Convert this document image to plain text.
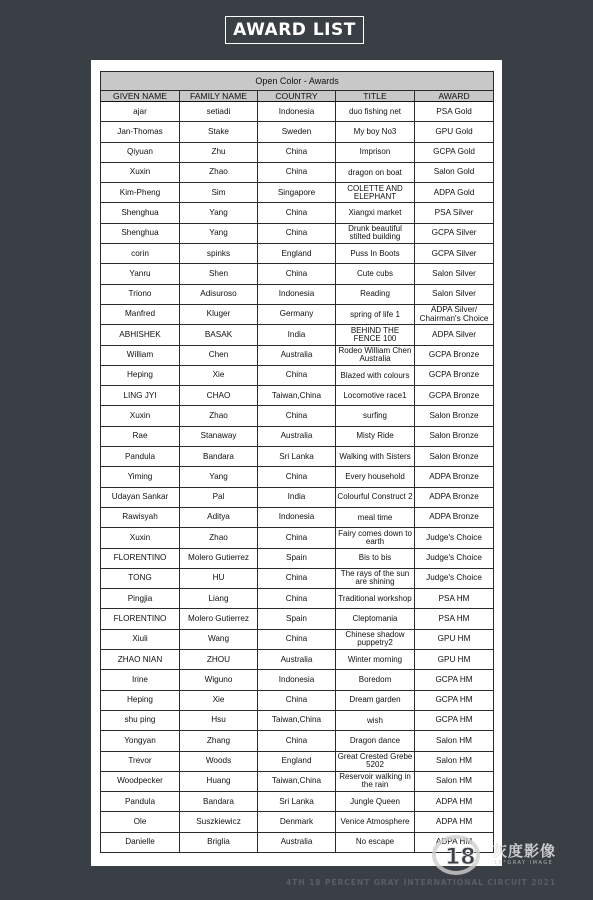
AWARD LIST
Open Color - Awards				
GIVEN NAME	FAMILY NAME	COUNTRY	TITLE	AWARD
ajar	setiadi	Indonesia	duo fishing net	PSA Gold
Jan-Thomas	Stake	Sweden	My boy No3	GPU Gold
Qiyuan	Zhu	China	Imprison	GCPA Gold
Xuxin	Zhao	China	dragon on boat	Salon Gold
Kim-Pheng	Sim	Singapore	COLETTE AND ELEPHANT	ADPA Gold
Shenghua	Yang	China	Xiangxi market	PSA Silver
Shenghua	Yang	China	Drunk beautiful stilted building	GCPA Silver
corin	spinks	England	Puss In Boots	GCPA Silver
Yanru	Shen	China	Cute cubs	Salon Silver
Triono	Adisuroso	Indonesia	Reading	Salon Silver
Manfred	Kluger	Germany	spring of life 1	ADPA Silver/ Chairman's Choice
ABHISHEK	BASAK	India	BEHIND THE FENCE 100	ADPA Silver
William	Chen	Australia	Rodeo William Chen Australia	GCPA Bronze
Heping	Xie	China	Blazed with colours	GCPA Bronze
LING JYI	CHAO	Taiwan,China	Locomotive race1	GCPA Bronze
Xuxin	Zhao	China	surfing	Salon Bronze
Rae	Stanaway	Australia	Misty Ride	Salon Bronze
Pandula	Bandara	Sri Lanka	Walking with Sisters	Salon Bronze
Yiming	Yang	China	Every household	ADPA Bronze
Udayan Sankar	Pal	India	Colourful Construct 2	ADPA Bronze
Rawisyah	Aditya	Indonesia	meal time	ADPA Bronze
Xuxin	Zhao	China	Fairy comes down to earth	Judge's Choice
FLORENTINO	Molero Gutierrez	Spain	Bis to bis	Judge's Choice
TONG	HU	China	The rays of the sun are shining	Judge's Choice
Pingjia	Liang	China	Traditional workshop	PSA HM
FLORENTINO	Molero Gutierrez	Spain	Cleptomania	PSA HM
Xiuli	Wang	China	Chinese shadow puppetry2	GPU HM
ZHAO NIAN	ZHOU	Australia	Winter morning	GPU HM
Irine	Wiguno	Indonesia	Boredom	GCPA HM
Heping	Xie	China	Dream garden	GCPA HM
shu ping	Hsu	Taiwan,China	wish	GCPA HM
Yongyan	Zhang	China	Dragon dance	Salon HM
Trevor	Woods	England	Great Crested Grebe 5202	Salon HM
Woodpecker	Huang	Taiwan,China	Reservoir walking in the rain	Salon HM
Pandula	Bandara	Sri Lanka	Jungle Queen	ADPA HM
Ole	Suszkiewicz	Denmark	Venice Atmosphere	ADPA HM
Danielle	Briglia	Australia	No escape	ADPA HM
18 灰度影像
18°GRAY IMAGE
4TH 18 PERCENT GRAY INTERNATIONAL CIRCUIT 2021
